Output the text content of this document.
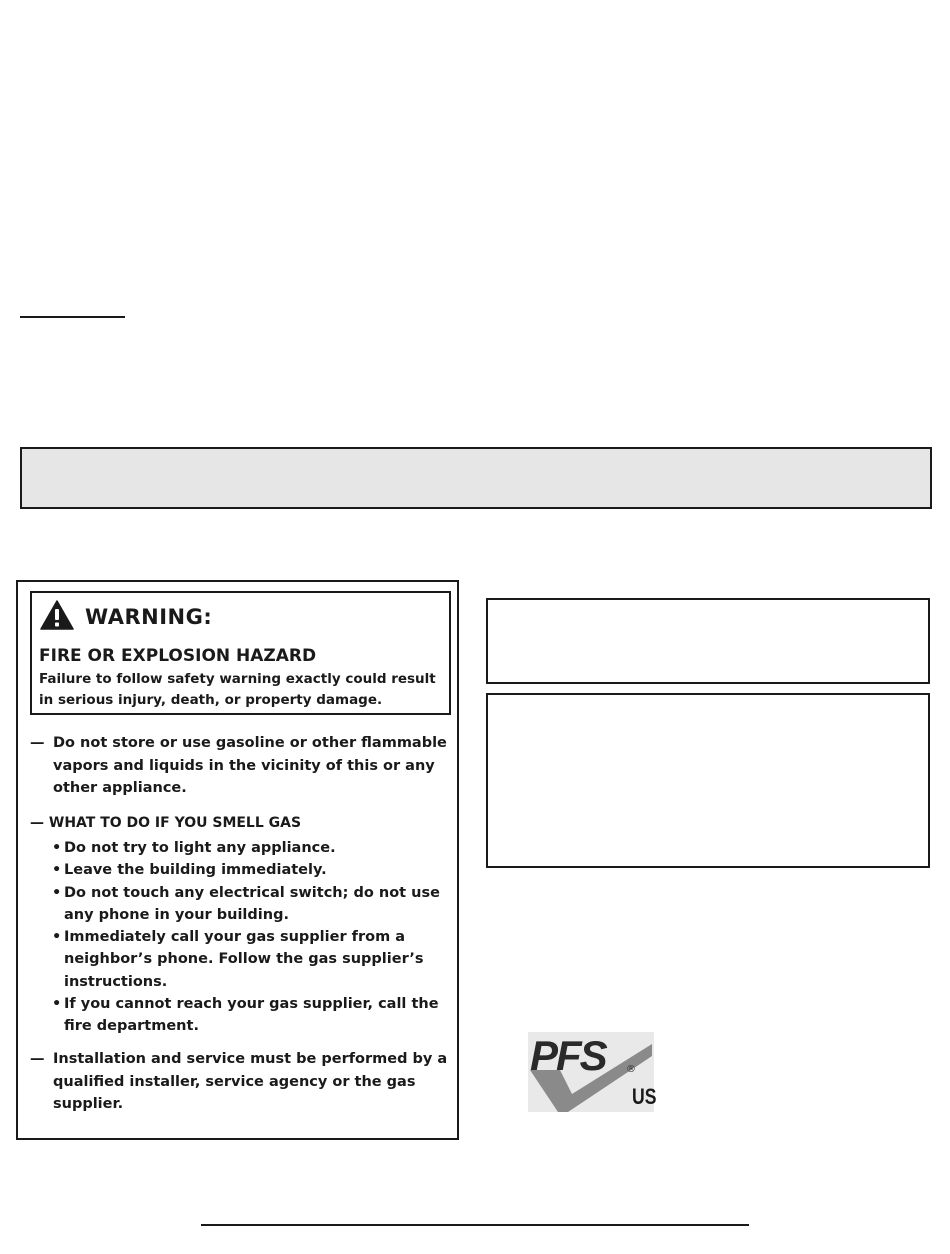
WARNING:
FIRE OR EXPLOSION HAZARD
Failure to follow safety warning exactly could result in serious injury, death, or property damage.
— Do not store or use gasoline or other flammable vapors and liquids in the vicinity of this or any other appliance.
— WHAT TO DO IF YOU SMELL GAS
• Do not try to light any appliance.
• Leave the building immediately.
• Do not touch any electrical switch; do not use any phone in your building.
• Immediately call your gas supplier from a neighbor’s phone. Follow the gas supplier’s instructions.
• If you cannot reach your gas supplier, call the fire department.
— Installation and service must be performed by a qualified installer, service agency or the gas supplier.
PFS ®
US
